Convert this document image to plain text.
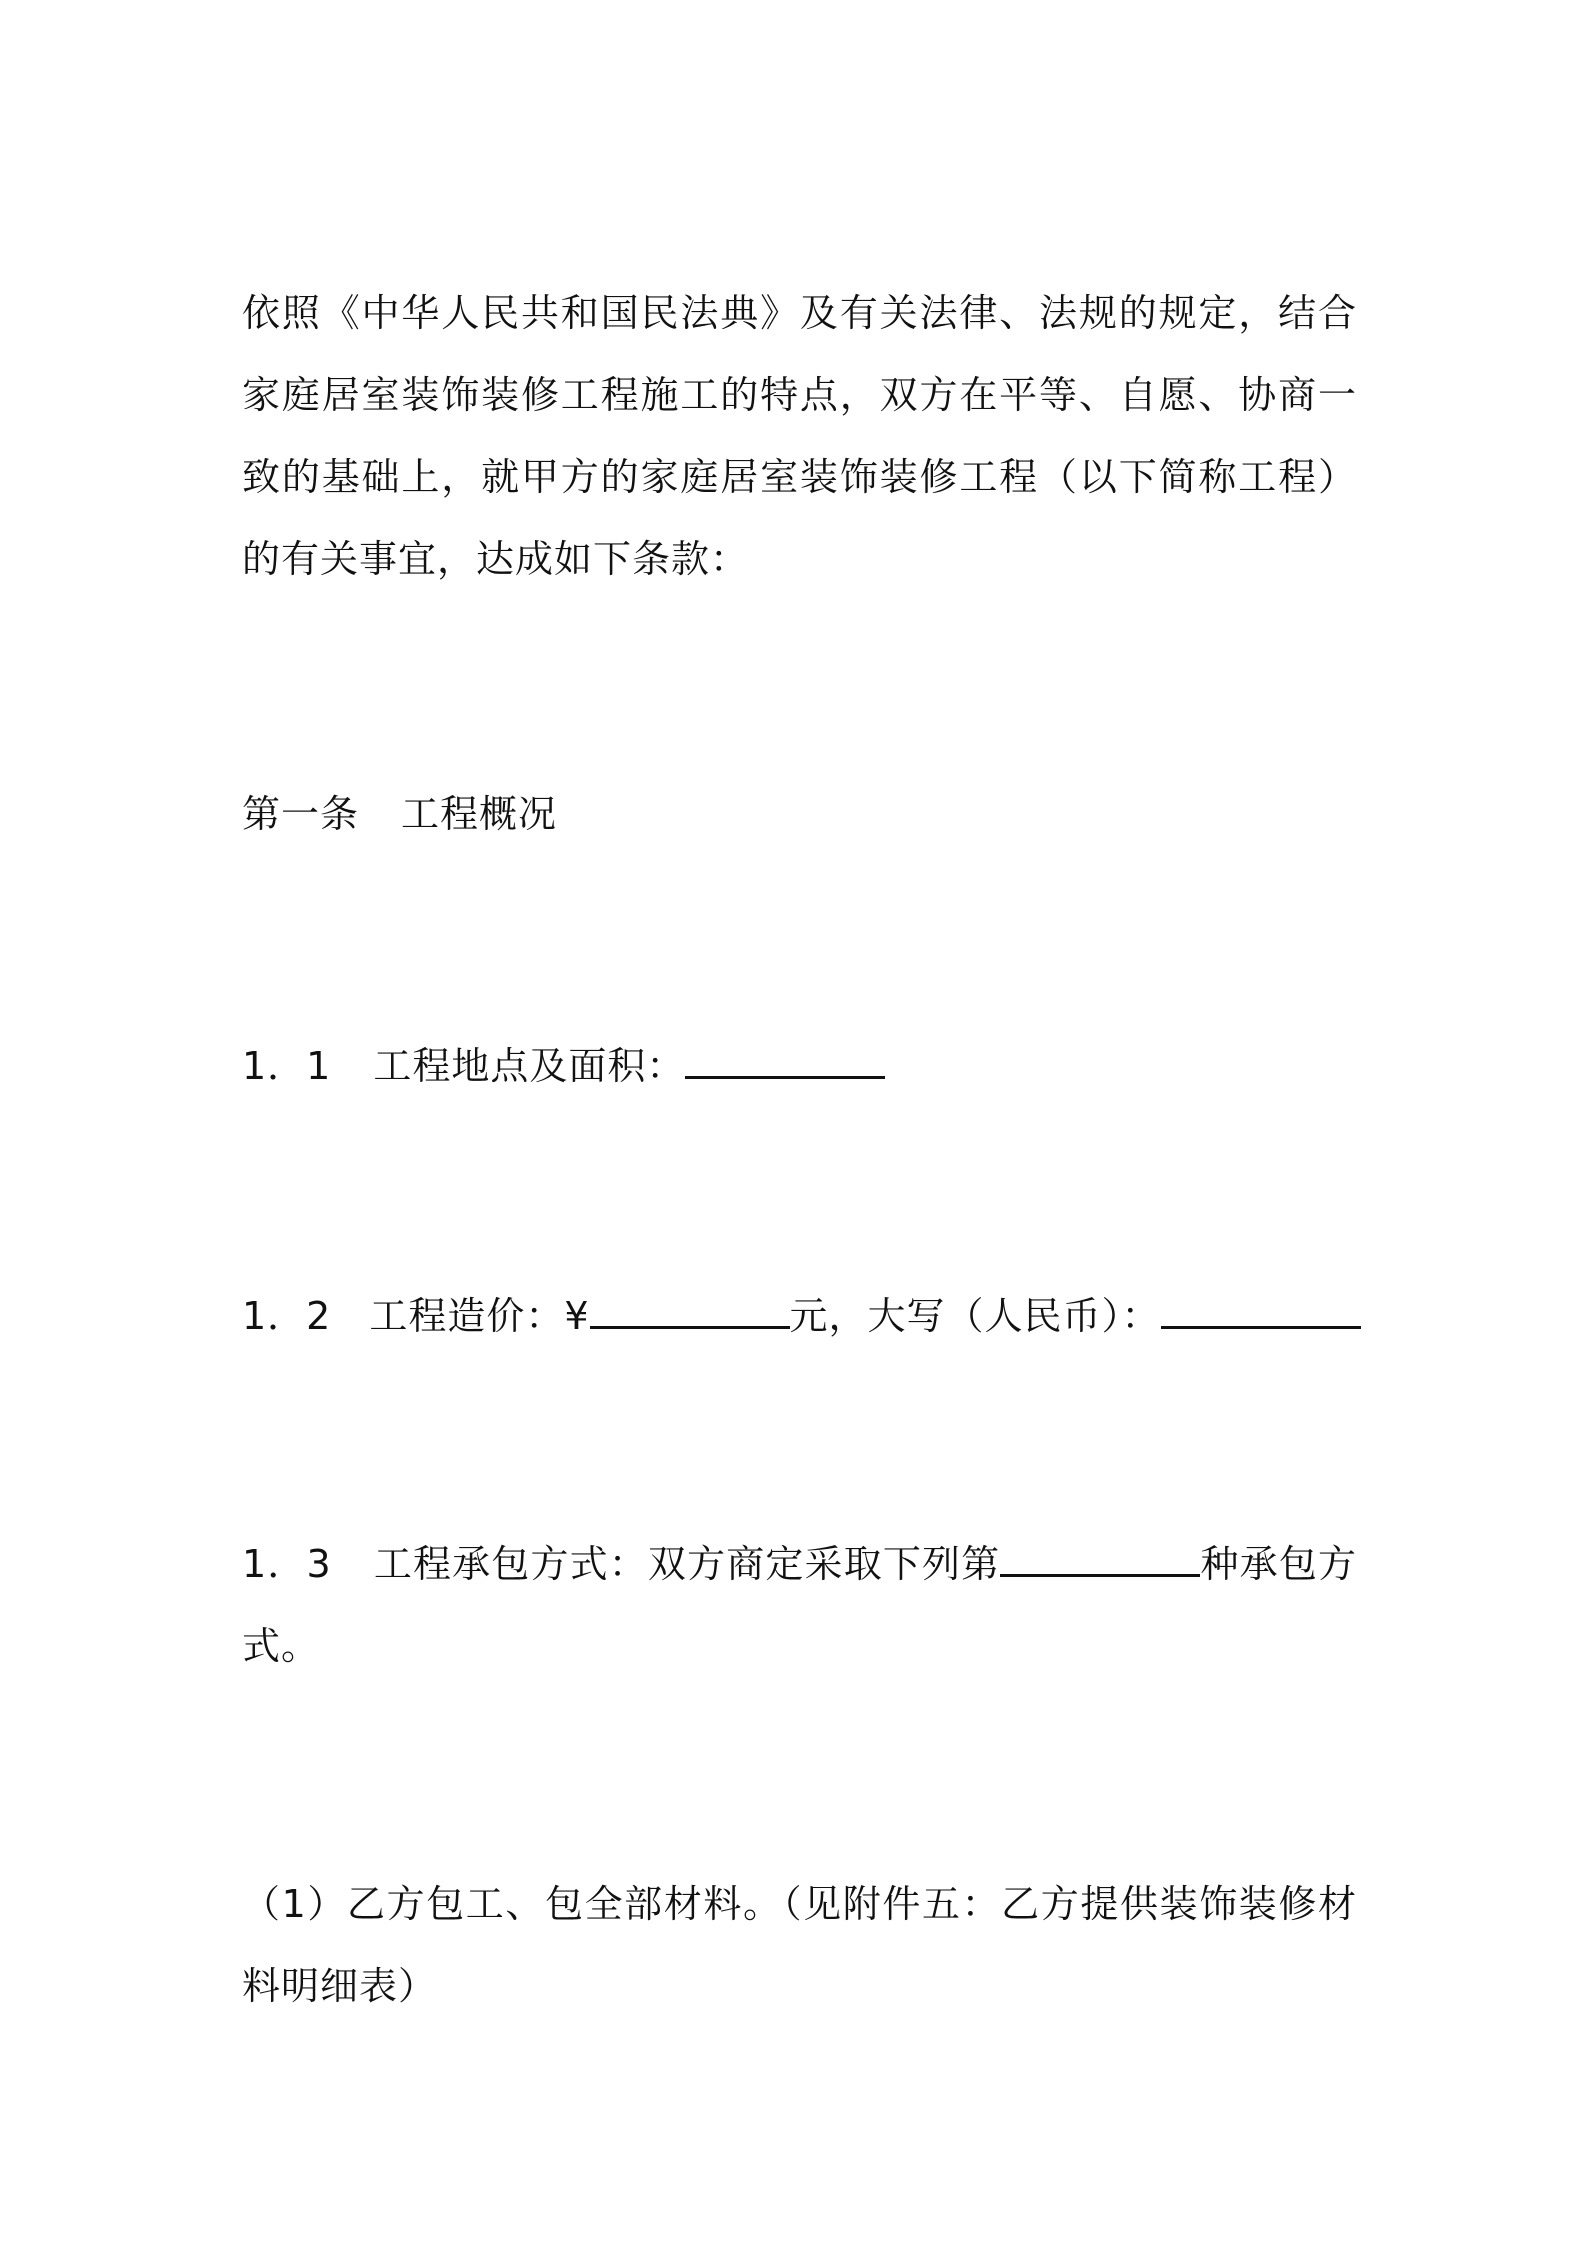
依照《中华人民共和国民法典》及有关法律、法规的规定，结合家庭居室装饰装修工程施工的特点，双方在平等、自愿、协商一致的基础上，就甲方的家庭居室装饰装修工程（以下简称工程）的有关事宜，达成如下条款：

第一条 工程概况
1．1 工程地点及面积：
1．2 工程造价：¥	元，大写（人民币）：
1．3 工程承包方式：双方商定采取下列第	种承包方式。

（1）乙方包工、包全部材料。（见附件五：乙方提供装饰装修材料明细表）
